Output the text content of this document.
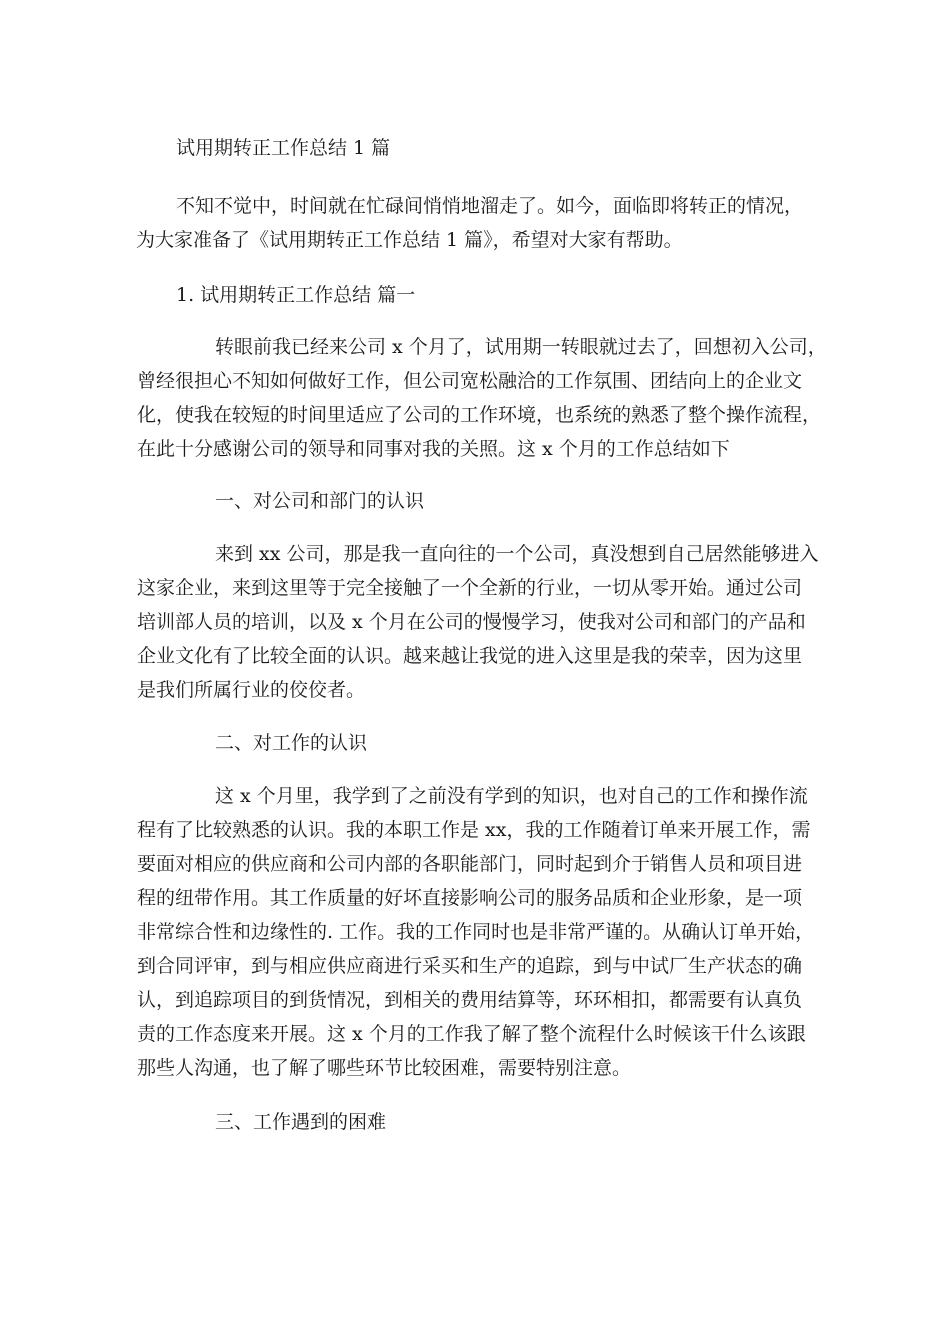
试用期转正工作总结 1 篇

不知不觉中，时间就在忙碌间悄悄地溜走了。如今，面临即将转正的情况，
为大家准备了《试用期转正工作总结 1 篇》，希望对大家有帮助。

1. 试用期转正工作总结 篇一

转眼前我已经来公司 x 个月了，试用期一转眼就过去了，回想初入公司，
曾经很担心不知如何做好工作，但公司宽松融洽的工作氛围、团结向上的企业文
化，使我在较短的时间里适应了公司的工作环境，也系统的熟悉了整个操作流程，
在此十分感谢公司的领导和同事对我的关照。这 x 个月的工作总结如下

一、对公司和部门的认识

来到 xx 公司，那是我一直向往的一个公司，真没想到自己居然能够进入
这家企业，来到这里等于完全接触了一个全新的行业，一切从零开始。通过公司
培训部人员的培训，以及 x 个月在公司的慢慢学习，使我对公司和部门的产品和
企业文化有了比较全面的认识。越来越让我觉的进入这里是我的荣幸，因为这里
是我们所属行业的佼佼者。

二、对工作的认识

这 x 个月里，我学到了之前没有学到的知识，也对自己的工作和操作流
程有了比较熟悉的认识。我的本职工作是 xx，我的工作随着订单来开展工作，需
要面对相应的供应商和公司内部的各职能部门，同时起到介于销售人员和项目进
程的纽带作用。其工作质量的好坏直接影响公司的服务品质和企业形象，是一项
非常综合性和边缘性的. 工作。我的工作同时也是非常严谨的。从确认订单开始，
到合同评审，到与相应供应商进行采买和生产的追踪，到与中试厂生产状态的确
认，到追踪项目的到货情况，到相关的费用结算等，环环相扣，都需要有认真负
责的工作态度来开展。这 x 个月的工作我了解了整个流程什么时候该干什么该跟
那些人沟通，也了解了哪些环节比较困难，需要特别注意。

三、工作遇到的困难
